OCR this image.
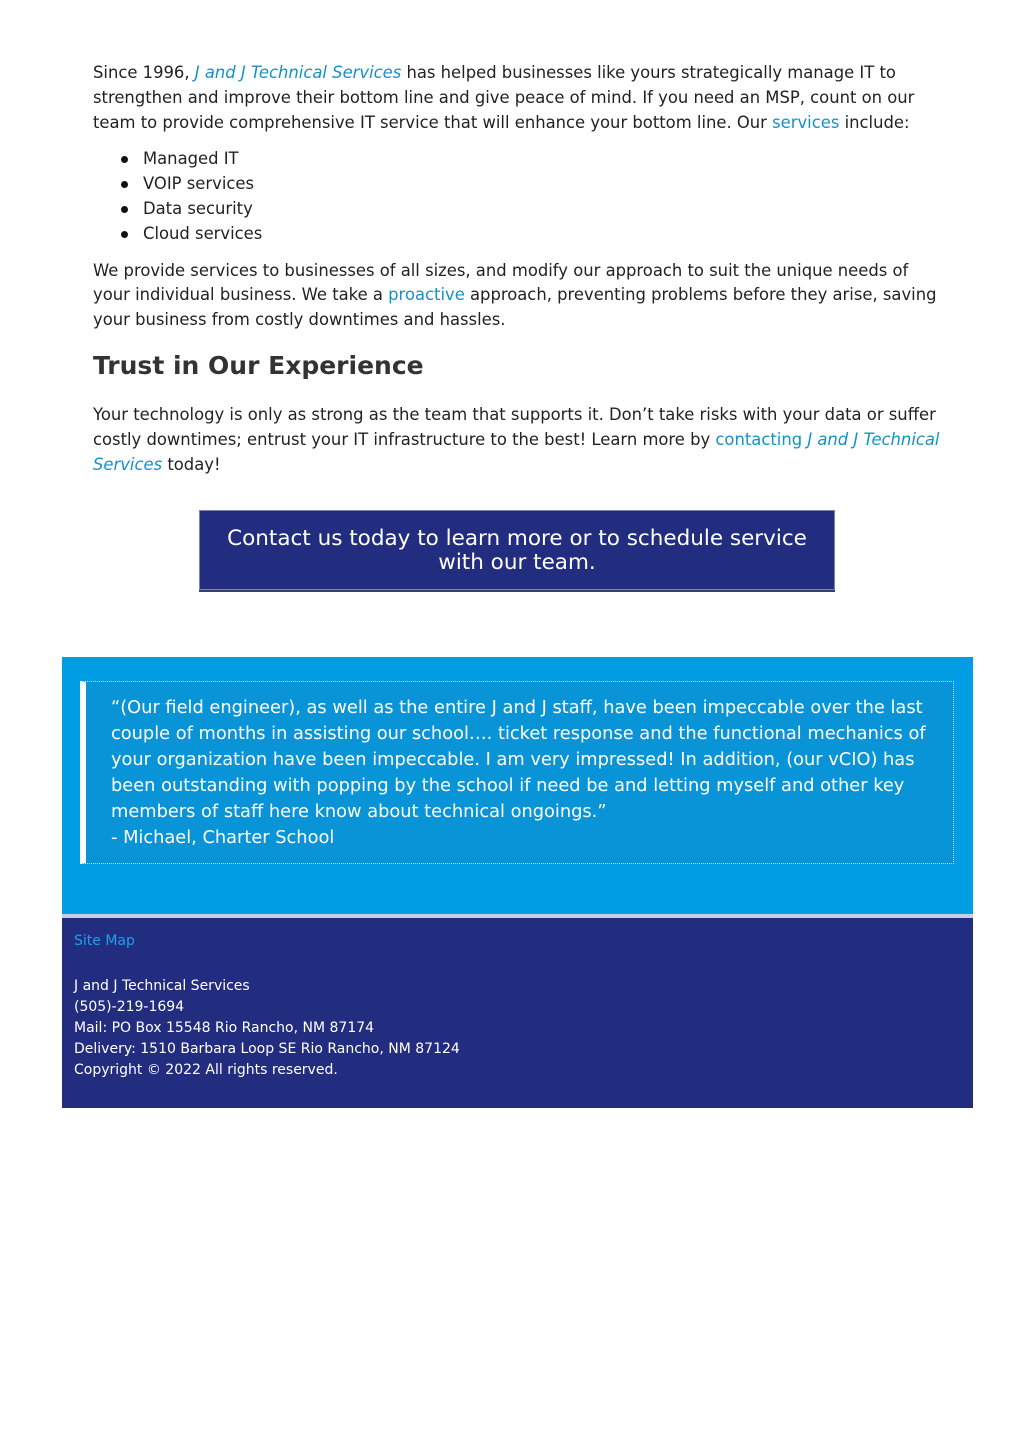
Since 1996, J and J Technical Services has helped businesses like yours strategically manage IT to strengthen and improve their bottom line and give peace of mind. If you need an MSP, count on our team to provide comprehensive IT service that will enhance your bottom line. Our services include:

Managed IT
VOIP services
Data security
Cloud services

We provide services to businesses of all sizes, and modify our approach to suit the unique needs of your individual business. We take a proactive approach, preventing problems before they arise, saving your business from costly downtimes and hassles.

Trust in Our Experience

Your technology is only as strong as the team that supports it. Don’t take risks with your data or suffer costly downtimes; entrust your IT infrastructure to the best! Learn more by contacting J and J Technical Services today!

Contact us today to learn more or to schedule service
with our team.

“(Our field engineer), as well as the entire J and J staff, have been impeccable over the last couple of months in assisting our school…. ticket response and the functional mechanics of your organization have been impeccable. I am very impressed! In addition, (our vCIO) has been outstanding with popping by the school if need be and letting myself and other key members of staff here know about technical ongoings.”

- Michael, Charter School

Site Map
J and J Technical Services
(505)-219-1694
Mail: PO Box 15548 Rio Rancho, NM 87174
Delivery: 1510 Barbara Loop SE Rio Rancho, NM 87124
Copyright © 2022 All rights reserved.
